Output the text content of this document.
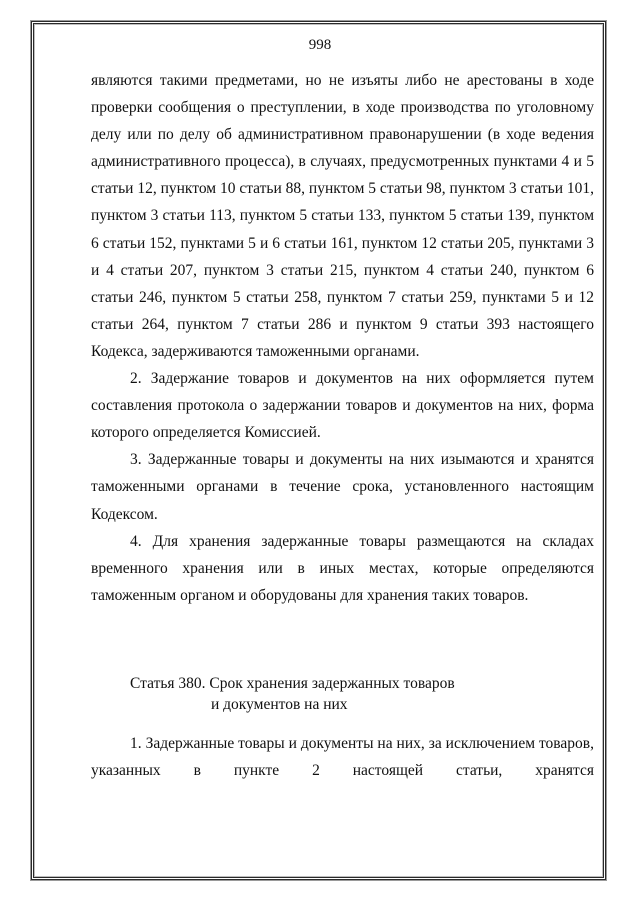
998

являются такими предметами, но не изъяты либо не арестованы в ходе проверки сообщения о преступлении, в ходе производства по уголовному делу или по делу об административном правонарушении (в ходе ведения административного процесса), в случаях, предусмотренных пунктами 4 и 5 статьи 12, пунктом 10 статьи 88, пунктом 5 статьи 98, пунктом 3 статьи 101, пунктом 3 статьи 113, пунктом 5 статьи 133, пунктом 5 статьи 139, пунктом 6 статьи 152, пунктами 5 и 6 статьи 161, пунктом 12 статьи 205, пунктами 3 и 4 статьи 207, пунктом 3 статьи 215, пунктом 4 статьи 240, пунктом 6 статьи 246, пунктом 5 статьи 258, пунктом 7 статьи 259, пунктами 5 и 12 статьи 264, пунктом 7 статьи 286 и пунктом 9 статьи 393 настоящего Кодекса, задерживаются таможенными органами.

2. Задержание товаров и документов на них оформляется путем составления протокола о задержании товаров и документов на них, форма которого определяется Комиссией.

3. Задержанные товары и документы на них изымаются и хранятся таможенными органами в течение срока, установленного настоящим Кодексом.

4. Для хранения задержанные товары размещаются на складах временного хранения или в иных местах, которые определяются таможенным органом и оборудованы для хранения таких товаров.

Статья 380. Срок хранения задержанных товаров
и документов на них

1. Задержанные товары и документы на них, за исключением товаров, указанных в пункте 2 настоящей статьи, хранятся
